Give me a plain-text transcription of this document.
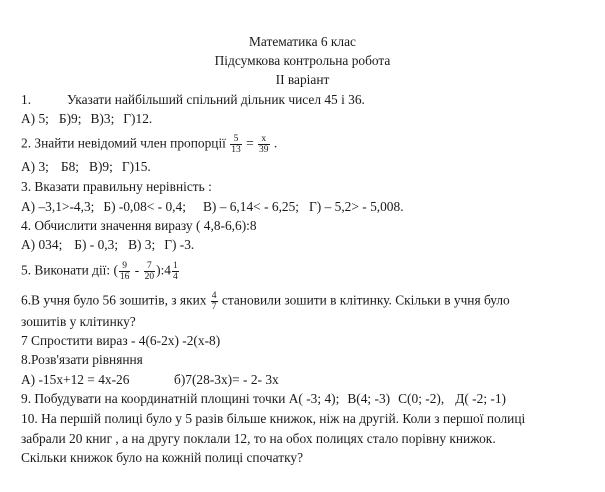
Математика 6 клас
Підсумкова контрольна робота
ІІ варіант
1.	Указати найбільший спільний дільник чисел 45 і 36.
А) 5; Б)9; В)3; Г)12.
2. Знайти невідомий член пропорції $\frac{5}{13} = \frac{x}{39}$ .
А) 3; Б8; В)9; Г)15.
3. Вказати правильну нерівність :
А) –3,1>-4,3; Б) -0,08< - 0,4; В) – 6,14< - 6,25; Г) – 5,2> - 5,008.
4. Обчислити значення виразу ( 4,8-6,6):8
А) 034; Б) - 0,3; В) 3; Г) -3.
5. Виконати дії: ( $\frac{9}{16} - \frac{7}{20}$ ):4 $\frac{1}{4}$
6.В учня було 56 зошитів, з яких $\frac{4}{7}$ становили зошити в клітинку. Скільки в учня було
зошитів у клітинку?
7 Спростити вираз - 4(6-2х) -2(х-8)
8.Розв'язати рівняння
А) -15х+12 = 4х-26	б)7(28-3х)= - 2- 3х
9. Побудувати на координатній площині точки А( -3; 4); В(4; -3) С(0; -2), Д( -2; -1)
10. На першій полиці було у 5 разів більше книжок, ніж на другій. Коли з першої полиці
забрали 20 книг , а на другу поклали 12, то на обох полицях стало порівну книжок.
Скільки книжок було на кожній полиці спочатку?
